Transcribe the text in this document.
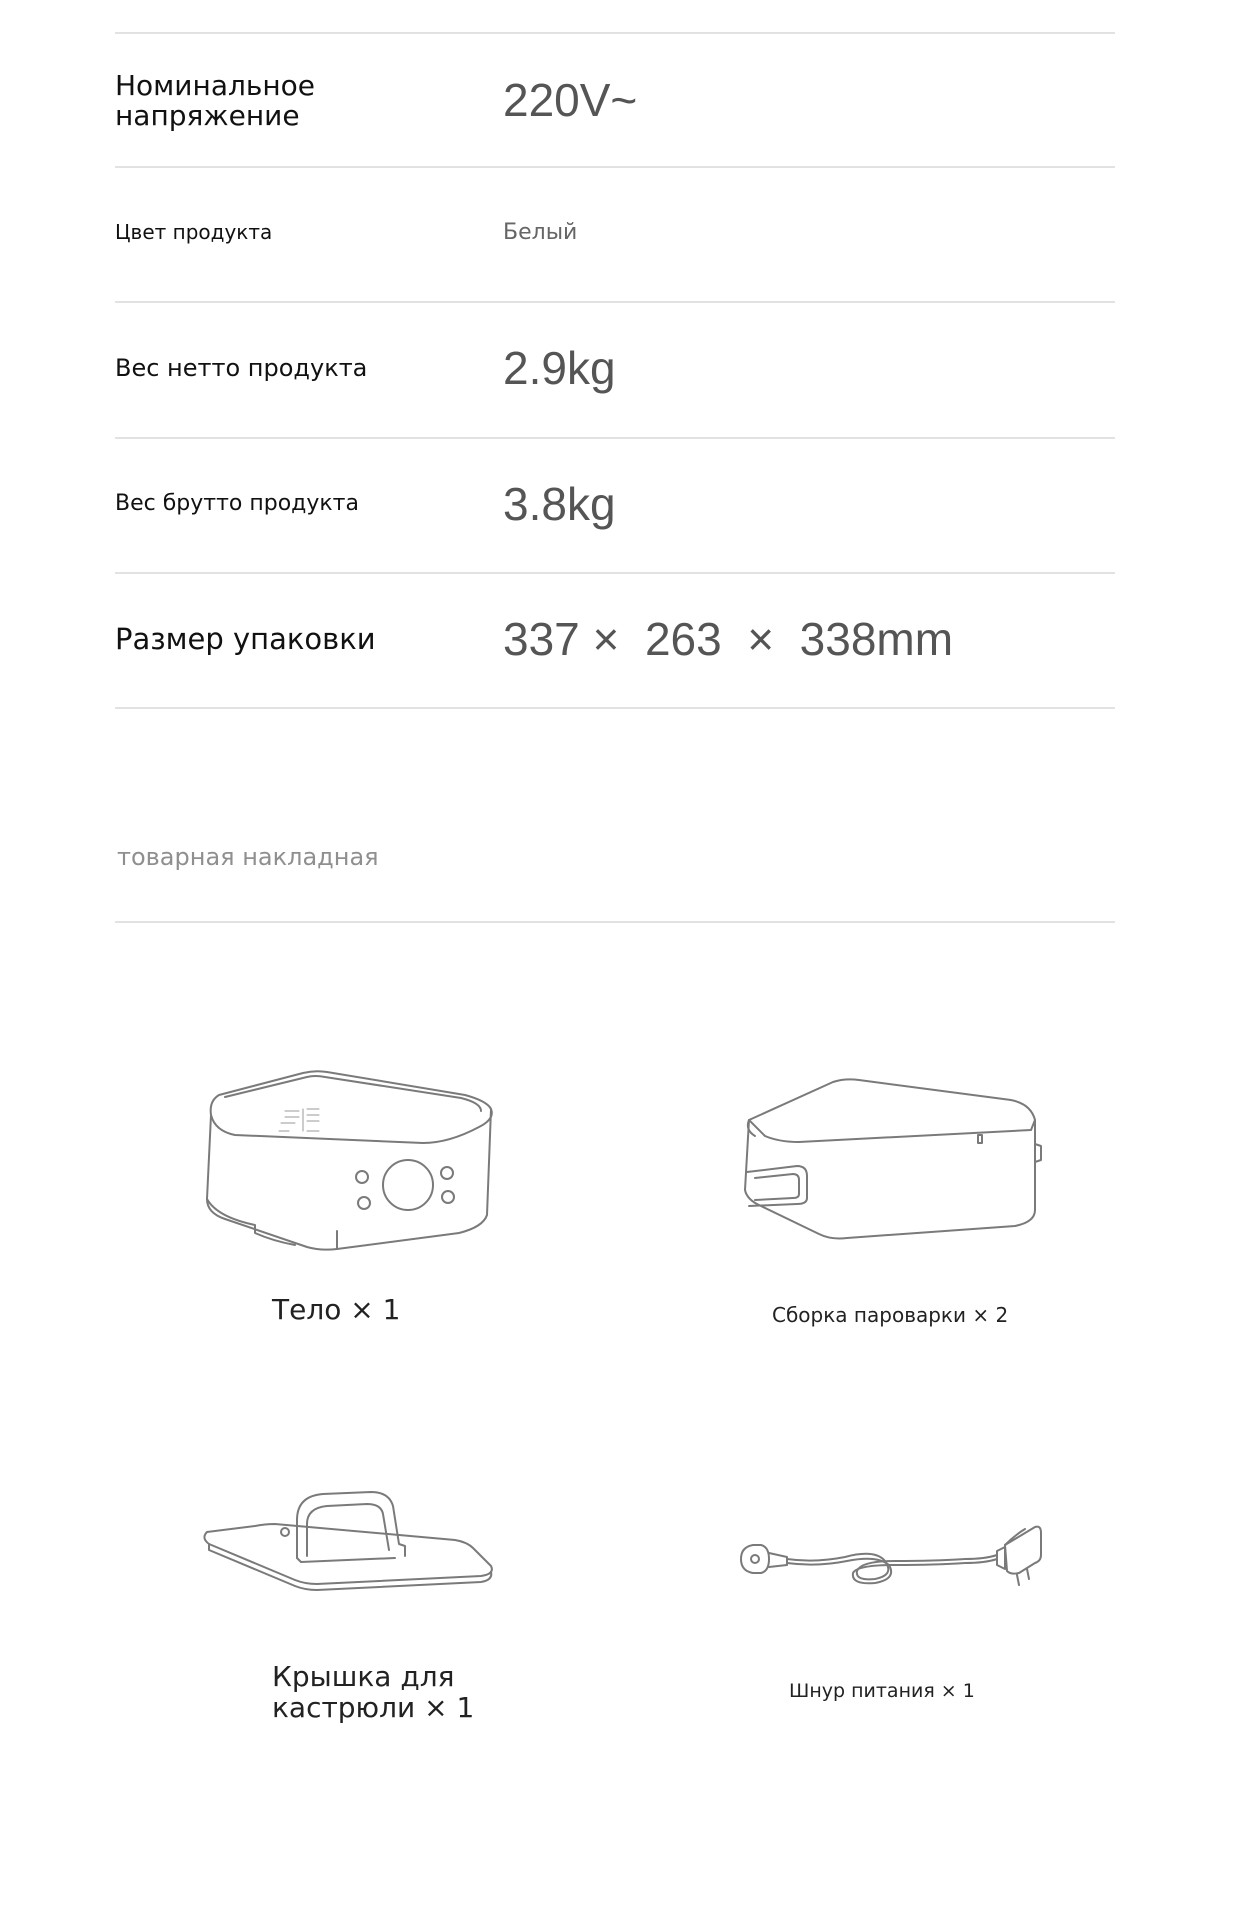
Номинальное
напряжение	220V~
Цвет продукта	Белый
Вес нетто продукта	2.9kg
Вес брутто продукта	3.8kg
Размер упаковки	337 ×  263  ×  338mm
товарная накладная
Тело × 1	Сборка пароварки × 2
Крышка для
кастрюли × 1	Шнур питания × 1
